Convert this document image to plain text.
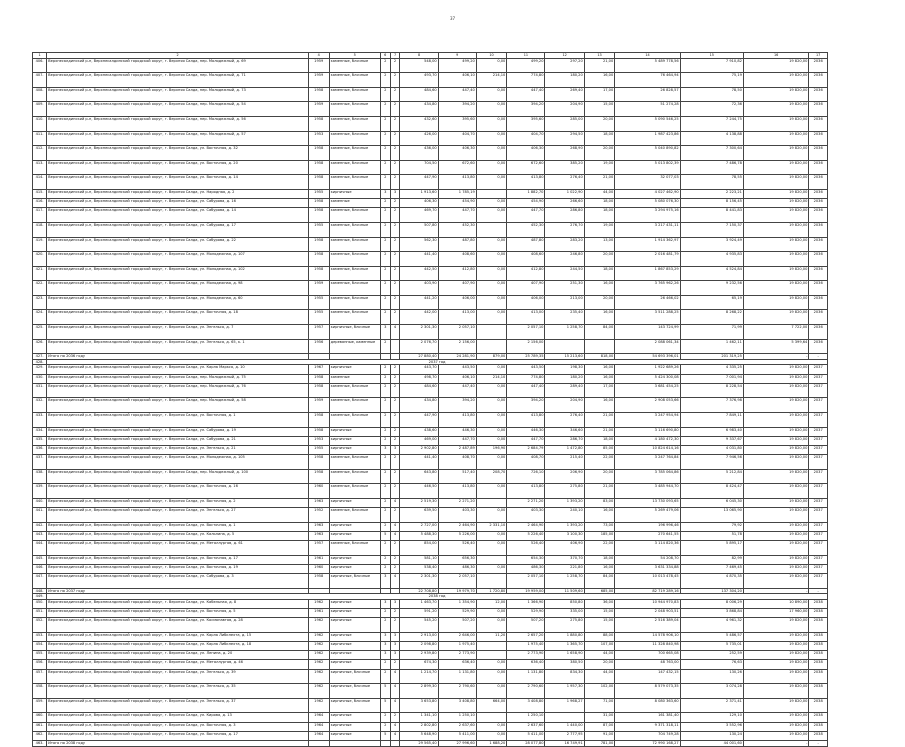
37
1	2	4	5	6	7	8	9	10	11	12	13	14	15	16	17
406.	Верхнесалдинский р-н, Верхнесалдинский городской округ, г. Верхняя Салда, пер. Молодежный, д. 69	1959	каменные, блочные	2	2	548,00	499,20	0,00	499,20	297,20	21,00	5 489 778,56	7 910,82	19 820,00	2036
407.	Верхнесалдинский р-н, Верхнесалдинский городской округ, г. Верхняя Салда, пер. Молодежный, д. 71	1959	каменные, блочные	2	2	493,70	406,10	214,10	774,80	180,20	16,00	76 464,94	75,19	19 820,00	2036
408.	Верхнесалдинский р-н, Верхнесалдинский городской округ, г. Верхняя Салда, пер. Молодежный, д. 73	1958	каменные, блочные	2	2	484,60	447,40	0,00	447,40	269,40	17,00	26 828,57	78,50	19 820,00	2036
409.	Верхнесалдинский р-н, Верхнесалдинский городской округ, г. Верхняя Салда, пер. Молодежный, д. 54	1959	каменные, блочные	2	2	434,80	394,20	0,00	394,20	204,90	15,00	51 274,28	72,36	19 820,00	2036
410.	Верхнесалдинский р-н, Верхнесалдинский городской округ, г. Верхняя Салда, пер. Молодежный, д. 56	1958	каменные, блочные	2	2	432,60	395,60	0,00	395,60	285,00	20,00	5 090 546,25	7 244,75	19 820,00	2036
411.	Верхнесалдинский р-н, Верхнесалдинский городской округ, г. Верхняя Салда, пер. Молодежный, д. 57	1953	каменные, блочные	2	2	426,00	404,70	0,00	404,70	294,50	18,00	1 987 423,86	4 138,88	19 820,00	2036
412.	Верхнесалдинский р-н, Верхнесалдинский городской округ, г. Верхняя Салда, ул. Восточная, д. 32	1958	каменные, блочные	2	2	436,00	406,30	0,00	406,30	268,90	20,00	5 040 890,82	7 300,64	19 820,00	2036
413.	Верхнесалдинский р-н, Верхнесалдинский городской округ, г. Верхняя Салда, ул. Восточная, д. 20	1958	каменные, блочные	2	2	704,50	672,60	0,00	672,60	385,20	19,00	5 013 802,39	7 486,78	19 820,00	2036
414.	Верхнесалдинский р-н, Верхнесалдинский городской округ, г. Верхняя Салда, ул. Восточная, д. 14	1958	каменные, блочные	2	2	447,90	413,80	0,00	413,80	276,40	21,00	32 077,03	78,55	19 820,00	2036
415.	Верхнесалдинский р-н, Верхнесалдинский городской округ, г. Верхняя Салда, ул. Народная, д. 2	1955	кирпичные	3	3	1 913,60	1 785,19		1 882,70	1 022,90	44,00	4 027 462,90	2 223,21	19 820,00	2036
416.	Верхнесалдинский р-н, Верхнесалдинский городской округ, г. Верхняя Салда, ул. Сабурова, д. 16	1958	каменные	2	2	406,30	454,90	0,00	454,90	266,60	18,00	5 080 076,30	8 156,45	19 820,00	2036
417.	Верхнесалдинский р-н, Верхнесалдинский городской округ, г. Верхняя Салда, ул. Сабурова, д. 14	1958	каменные, блочные	2	2	469,70	447,70	0,00	447,70	286,80	18,00	3 294 975,16	8 441,83	19 820,00	2036
418.	Верхнесалдинский р-н, Верхнесалдинский городской округ, г. Верхняя Салда, ул. Сабурова, д. 17	1955	каменные, блочные	2	2	507,80	452,30		452,30	276,70	19,00	3 217 431,11	7 150,37	19 820,00	2036
419.	Верхнесалдинский р-н, Верхнесалдинский городской округ, г. Верхняя Салда, ул. Сабурова, д. 22	1958	каменные, блочные	2	2	562,30	487,80	0,00	487,80	283,20	13,00	1 914 362,97	3 924,49	19 820,00	2036
420.	Верхнесалдинский р-н, Верхнесалдинский городской округ, г. Верхняя Салда, ул. Молодежная, д. 107	1958	каменные, блочные	2	2	441,40	408,60	0,00	408,60	246,80	20,00	2 016 481,79	4 935,83	19 820,00	2036
421.	Верхнесалдинский р-н, Верхнесалдинский городской округ, г. Верхняя Салда, ул. Молодежная, д. 102	1958	каменные, блочные	2	2	442,50	412,80	0,00	412,80	244,50	18,00	1 867 853,29	4 524,84	19 820,00	2036
422.	Верхнесалдинский р-н, Верхнесалдинский городской округ, г. Верхняя Салда, ул. Молодежная, д. 98	1959	каменные, блочные	2	2	403,90	407,90	0,00	407,90	251,30	16,00	3 765 962,26	9 232,56	19 820,00	2036
423.	Верхнесалдинский р-н, Верхнесалдинский городской округ, г. Верхняя Салда, ул. Молодежная, д. 60	1955	каменные, блочные	2	2	441,20	406,00	0,00	406,00	213,00	20,00	26 466,02	65,19	19 820,00	2036
424.	Верхнесалдинский р-н, Верхнесалдинский городской округ, г. Верхняя Салда, ул. Восточная, д. 18	1955	каменные, блочные	2	2	442,00	413,00	0,00	413,00	235,40	16,00	3 511 288,25	8 268,22	19 820,00	2036
425.	Верхнесалдинский р-н, Верхнесалдинский городской округ, г. Верхняя Салда, ул. Энгельса, д. 7	1957	кирпичные, блочные	3	4	2 301,30	2 057,10		2 057,10	1 258,70	84,00	143 724,99	71,99	7 722,00	2036
426.	Верхнесалдинский р-н, Верхнесалдинский городской округ, г. Верхняя Салда, ул. Энгельса, д. 65, к. 1	1956	деревянные, каменные	2		2 076,70	2 156,00		2 156,00			2 088 061,34	1 462,11	5 399,64	2036
427.	Итого по 2036 году					27 880,40	24 281,90	879,00	25 789,35	15 213,60	818,00	54 693 396,01	201 319,25	-	-
428.	2037 год														
429.	Верхнесалдинский р-н, Верхнесалдинский городской округ, г. Верхняя Салда, ул. Карла Маркса, д. 10	1967	кирпичные	2	2	443,70	443,50	0,00	443,50	198,30	16,00	1 922 689,26	4 335,25	19 820,00	2037
430.	Верхнесалдинский р-н, Верхнесалдинский городской округ, г. Верхняя Салда, пер. Молодежный, д. 75	1958	каменные	2	2	498,70	406,10	214,10	774,80	180,20	16,00	5 424 300,08	7 001,94	19 820,00	2037
431.	Верхнесалдинский р-н, Верхнесалдинский городской округ, г. Верхняя Салда, пер. Молодежный, д. 76	1958	каменные, блочные	2	2	484,60	447,40	0,00	447,40	289,40	17,00	3 681 454,25	8 228,54	19 820,00	2037
432.	Верхнесалдинский р-н, Верхнесалдинский городской округ, г. Верхняя Салда, пер. Молодежный, д. 58	1959	каменные, блочные	2	2	434,80	394,20	0,00	394,20	204,90	16,00	2 908 053,66	7 376,98	19 820,00	2037
433.	Верхнесалдинский р-н, Верхнесалдинский городской округ, г. Верхняя Салда, ул. Восточная, д. 1	1958	каменные, блочные	2	2	447,90	413,80	0,00	413,80	276,40	21,00	3 247 954,94	7 849,11	19 820,00	2037
434.	Верхнесалдинский р-н, Верхнесалдинский городской округ, г. Верхняя Салда, ул. Сабурова, д. 19	1958	кирпичные	2	2	438,60	446,30	0,00	446,30	346,60	21,00	3 116 690,80	6 983,40	19 820,00	2037
435.	Верхнесалдинский р-н, Верхнесалдинский городской округ, г. Верхняя Салда, ул. Сабурова, д. 21	1953	кирпичные	2	2	469,00	447,70	0,00	447,70	286,70	18,00	4 180 472,30	9 337,67	19 820,00	2037
436.	Верхнесалдинский р-н, Верхнесалдинский городской округ, г. Верхняя Салда, ул. Энгельса, д. 21	1955	кирпичные	3	3	2 902,80	2 487,89	196,90	2 684,79	1 472,80	85,00	10 824 614,16	4 031,80	19 820,00	2037
437.	Верхнесалдинский р-н, Верхнесалдинский городской округ, г. Верхняя Салда, ул. Молодежная, д. 105	1958	каменные, блочные	2	2	441,40	408,70	0,00	408,70	215,40	22,00	3 247 764,84	7 946,56	19 820,00	2037
438.	Верхнесалдинский р-н, Верхнесалдинский городской округ, г. Верхняя Салда, пер. Молодежный, д. 100	1958	каменные, блочные	2	2	643,80	517,40	208,70	726,10	206,90	20,00	3 785 064,86	5 212,84	19 820,00	2037
439.	Верхнесалдинский р-н, Верхнесалдинский городской округ, г. Верхняя Салда, ул. Восточная, д. 16	1960	каменные, блочные	2	2	446,50	413,80	0,00	413,80	275,80	21,00	3 485 944,70	8 424,47	19 820,00	2037
440.	Верхнесалдинский р-н, Верхнесалдинский городской округ, г. Верхняя Салда, ул. Восточная, д. 2	1963	кирпичные	2	4	2 519,30	2 271,20		2 271,20	1 393,20	83,00	13 730 093,65	6 045,30	19 820,00	2037
441.	Верхнесалдинский р-н, Верхнесалдинский городской округ, г. Верхняя Салда, ул. Энгельса, д. 27	1952	каменные, блочные	2	2	639,50	403,30	0,00	403,30	240,10	16,00	5 269 479,06	13 065,90	19 820,00	2037
442.	Верхнесалдинский р-н, Верхнесалдинский городской округ, г. Верхняя Салда, ул. Восточная, д. 1	1963	кирпичные	2	4	2 727,00	2 464,90	2 331,10	2 464,90	1 393,20	73,00	196 996,46	79,92	19 820,00	2037
443.	Верхнесалдинский р-н, Верхнесалдинский городской округ, г. Верхняя Салда, ул. Кальнина, д. 5	1963	кирпичные	5	4	5 488,30	5 226,00	0,00	5 226,40	3 100,30	185,00	270 641,55	51,78	19 820,00	2037
444.	Верхнесалдинский р-н, Верхнесалдинский городской округ, г. Верхняя Салда, ул. Металлургов, д. 61	1957	каменные, блочные	2	2	854,00	526,40	0,00	526,40	406,90	22,00	3 114 820,36	5 895,17	19 820,00	2037
445.	Верхнесалдинский р-н, Верхнесалдинский городской округ, г. Верхняя Салда, ул. Восточная, д. 17	1961	кирпичные	2	2	581,10	656,30		654,30	370,70	18,00	54 208,70	82,99	19 820,00	2037
446.	Верхнесалдинский р-н, Верхнесалдинский городской округ, г. Верхняя Салда, ул. Восточная, д. 19	1960	кирпичные	2	2	538,40	486,30	0,00	486,30	221,80	16,00	3 631 334,88	7 469,45	19 820,00	2037
447.	Верхнесалдинский р-н, Верхнесалдинский городской округ, г. Верхняя Салда, ул. Сабурова, д. 3	1958	кирпичные, блочные	3	4	2 301,30	2 057,10		2 057,10	1 258,70	84,00	10 013 478,45	4 870,35	19 820,00	2037
448.	Итого по 2037 году					22 708,80	19 979,70	1 720,80	19 959,00	11 509,60	685,00	82 719 289,16	137 304,20	-	-
449.	2038 год														
450.	Верхнесалдинский р-н, Верхнесалдинский городской округ, г. Верхняя Салда, ул. Кабельная, д. 8	1962	кирпичные	3	3	1 463,70	1 354,90	12,00	1 366,90	850,80	36,00	10 944 970,83	8 006,29	10 890,00	2038
451.	Верхнесалдинский р-н, Верхнесалдинский городской округ, г. Верхняя Салда, ул. Восточная, д. 5	1961	кирпичные	2	2	591,20	529,90	0,00	529,90	335,00	15,00	2 048 903,51	3 868,84	17 960,00	2038
452.	Верхнесалдинский р-н, Верхнесалдинский городской округ, г. Верхняя Салда, ул. Космонавтов, д. 28	1962	кирпичные	2	2	545,20	507,20	0,00	507,20	275,80	15,00	2 516 389,04	4 961,32	19 820,00	2038
453.	Верхнесалдинский р-н, Верхнесалдинский городской округ, г. Верхняя Салда, ул. Карла Либкнехта, д. 15	1962	кирпичные	3	3	2 913,00	2 646,00	11,20	2 657,20	1 880,80	88,00	14 578 906,10	5 486,57	19 820,00	2038
454.	Верхнесалдинский р-н, Верхнесалдинский городской округ, г. Верхняя Салда, ул. Карла Либкнехта, д. 18	1962	кирпичные	3	3	2 098,80	1 975,40		1 975,40	1 365,70	107,00	11 328 840,98	5 735,01	19 820,00	2038
455.	Верхнесалдинский р-н, Верхнесалдинский городской округ, г. Верхняя Салда, ул. Ленина, д. 20	1962	кирпичные	3	3	2 939,80	2 773,90		2 773,90	1 658,90	44,00	700 665,08	252,59	19 820,00	2038
456.	Верхнесалдинский р-н, Верхнесалдинский городской округ, г. Верхняя Салда, ул. Металлургов, д. 46	1962	кирпичные	2	2	674,30	636,40	0,00	636,40	380,50	20,00	48 763,00	76,63	19 820,00	2038
457.	Верхнесалдинский р-н, Верхнесалдинский городской округ, г. Верхняя Салда, ул. Энгельса, д. 39	1962	кирпичные, блочные	2	4	1 214,70	1 131,80	0,00	1 131,80	834,30	44,00	147 432,15	130,26	19 820,00	2038
458.	Верхнесалдинский р-н, Верхнесалдинский городской округ, г. Верхняя Салда, ул. Энгельса, д. 35	1962	кирпичные, блочные	5	4	2 899,30	2 790,60	0,00	2 790,60	1 957,30	102,00	8 579 073,35	3 074,28	19 820,00	2038
459.	Верхнесалдинский р-н, Верхнесалдинский городской округ, г. Верхняя Салда, ул. Энгельса, д. 37	1962	кирпичные, блочные	5	4	3 653,80	3 408,80	664,00	3 408,80	1 968,27	71,00	8 080 363,60	2 371,41	19 820,00	2038
460.	Верхнесалдинский р-н, Верхнесалдинский городской округ, г. Верхняя Салда, ул. Кирова, д. 13	1964	кирпичные	2	2	1 341,10	1 250,10		1 250,10		31,00	161 381,40	129,10	19 820,00	2038
461.	Верхнесалдинский р-н, Верхнесалдинский городской округ, г. Верхняя Салда, ул. Восточная, д. 3	1964	кирпичные	2	4	2 802,80	2 637,60	0,00	2 637,60	1 440,00	87,00	9 371 318,11	3 552,96	19 820,00	2038
462.	Верхнесалдинский р-н, Верхнесалдинский городской округ, г. Верхняя Салда, ул. Восточная, д. 17	1964	кирпичные	5	4	5 648,90	5 411,00	0,00	5 411,00	2 777,95	91,00	704 749,28	130,24	19 820,00	2038
463.	Итого по 2038 году					29 565,40	27 996,60	1 688,20	28 077,80	16 749,91	781,00	72 990 168,27	44 001,60	-	-
